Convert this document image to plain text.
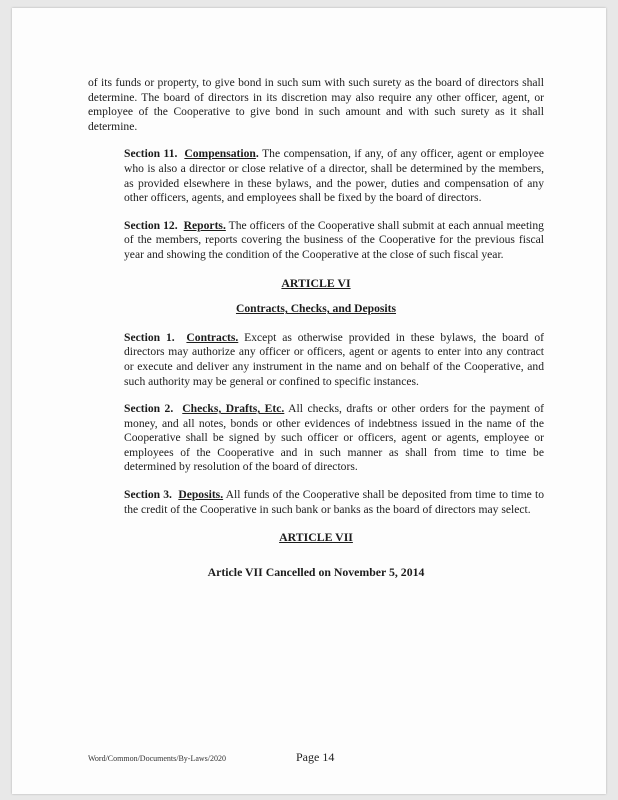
of its funds or property, to give bond in such sum with such surety as the board of directors shall determine. The board of directors in its discretion may also require any other officer, agent, or employee of the Cooperative to give bond in such amount and with such surety as it shall determine.

Section 11. Compensation. The compensation, if any, of any officer, agent or employee who is also a director or close relative of a director, shall be determined by the members, as provided elsewhere in these bylaws, and the power, duties and compensation of any other officers, agents, and employees shall be fixed by the board of directors.

Section 12. Reports. The officers of the Cooperative shall submit at each annual meeting of the members, reports covering the business of the Cooperative for the previous fiscal year and showing the condition of the Cooperative at the close of such fiscal year.

ARTICLE VI
Contracts, Checks, and Deposits

Section 1. Contracts. Except as otherwise provided in these bylaws, the board of directors may authorize any officer or officers, agent or agents to enter into any contract or execute and deliver any instrument in the name and on behalf of the Cooperative, and such authority may be general or confined to specific instances.

Section 2. Checks, Drafts, Etc. All checks, drafts or other orders for the payment of money, and all notes, bonds or other evidences of indebtness issued in the name of the Cooperative shall be signed by such officer or officers, agent or agents, employee or employees of the Cooperative and in such manner as shall from time to time be determined by resolution of the board of directors.

Section 3. Deposits. All funds of the Cooperative shall be deposited from time to time to the credit of the Cooperative in such bank or banks as the board of directors may select.

ARTICLE VII
Article VII Cancelled on November 5, 2014
Word/Common/Documents/By-Laws/2020	Page 14
